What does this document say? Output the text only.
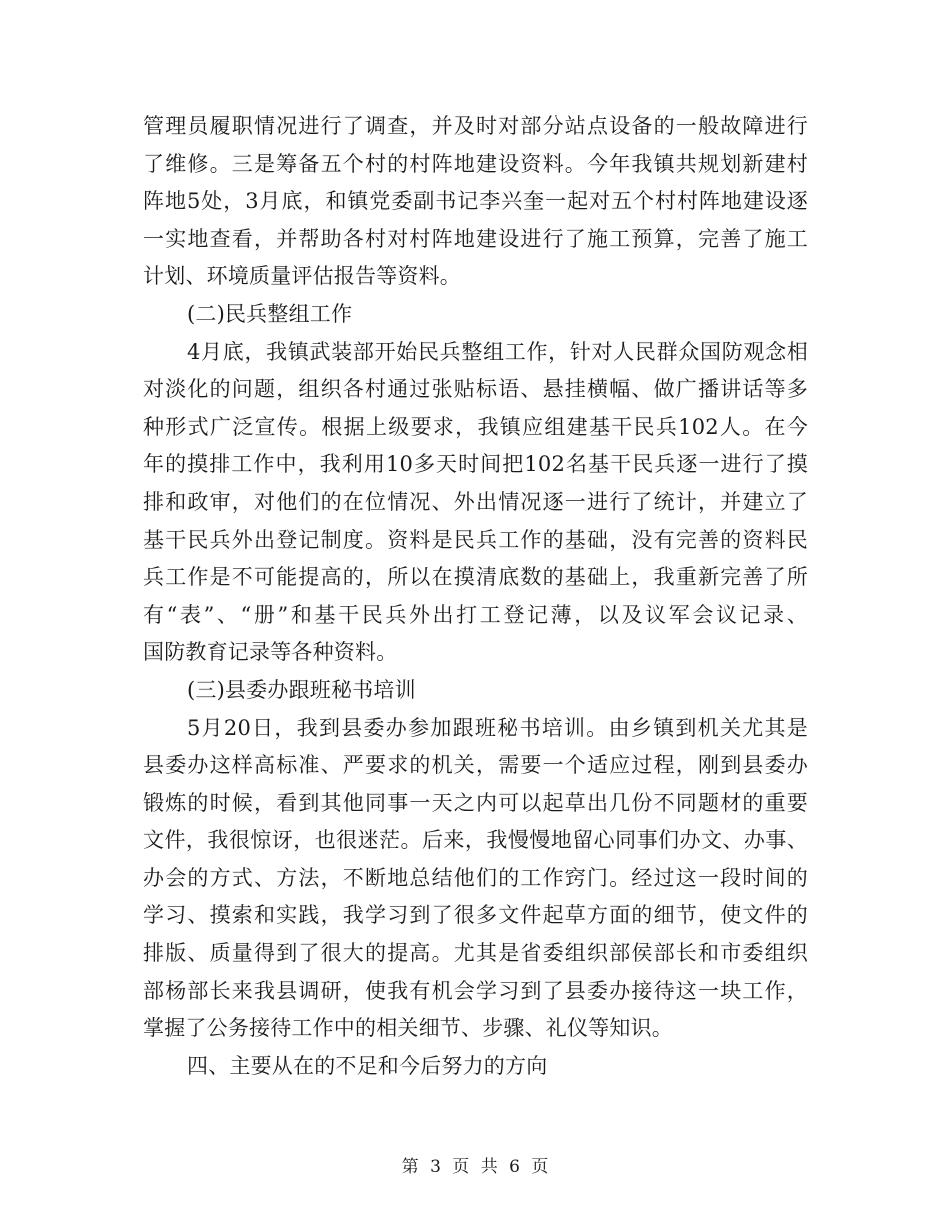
管理员履职情况进行了调查，并及时对部分站点设备的一般故障进行
了维修。三是筹备五个村的村阵地建设资料。今年我镇共规划新建村
阵地5处，3月底，和镇党委副书记李兴奎一起对五个村村阵地建设逐
一实地查看，并帮助各村对村阵地建设进行了施工预算，完善了施工
计划、环境质量评估报告等资料。
(二)民兵整组工作
4月底，我镇武装部开始民兵整组工作，针对人民群众国防观念相
对淡化的问题，组织各村通过张贴标语、悬挂横幅、做广播讲话等多
种形式广泛宣传。根据上级要求，我镇应组建基干民兵102人。在今
年的摸排工作中，我利用10多天时间把102名基干民兵逐一进行了摸
排和政审，对他们的在位情况、外出情况逐一进行了统计，并建立了
基干民兵外出登记制度。资料是民兵工作的基础，没有完善的资料民
兵工作是不可能提高的，所以在摸清底数的基础上，我重新完善了所
有“表”、“册”和基干民兵外出打工登记薄，以及议军会议记录、
国防教育记录等各种资料。
(三)县委办跟班秘书培训
5月20日，我到县委办参加跟班秘书培训。由乡镇到机关尤其是
县委办这样高标准、严要求的机关，需要一个适应过程，刚到县委办
锻炼的时候，看到其他同事一天之内可以起草出几份不同题材的重要
文件，我很惊讶，也很迷茫。后来，我慢慢地留心同事们办文、办事、
办会的方式、方法，不断地总结他们的工作窍门。经过这一段时间的
学习、摸索和实践，我学习到了很多文件起草方面的细节，使文件的
排版、质量得到了很大的提高。尤其是省委组织部侯部长和市委组织
部杨部长来我县调研，使我有机会学习到了县委办接待这一块工作，
掌握了公务接待工作中的相关细节、步骤、礼仪等知识。
四、主要从在的不足和今后努力的方向
第 3 页 共 6 页
